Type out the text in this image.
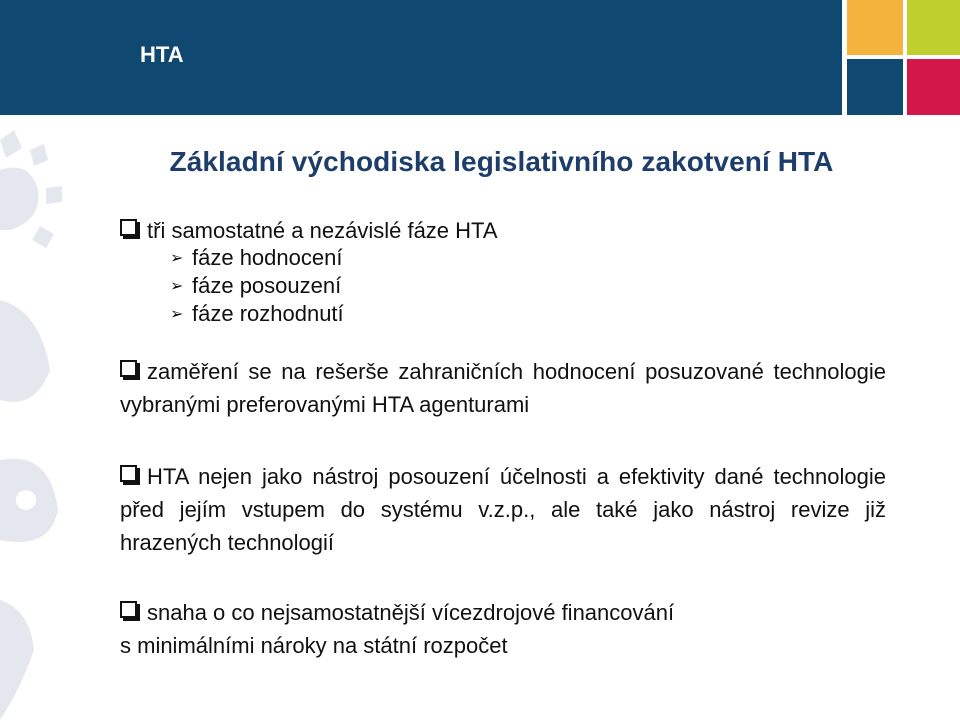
HTA
Základní východiska legislativního zakotvení HTA
tři samostatné a nezávislé fáze HTA
➢ fáze hodnocení
➢ fáze posouzení
➢ fáze rozhodnutí
zaměření se na rešerše zahraničních hodnocení posuzované technologie vybranými preferovanými HTA agenturami
HTA nejen jako nástroj posouzení účelnosti a efektivity dané technologie před jejím vstupem do systému v.z.p., ale také jako nástroj revize již hrazených technologií
snaha o co nejsamostatnější vícezdrojové financování
s minimálními nároky na státní rozpočet
